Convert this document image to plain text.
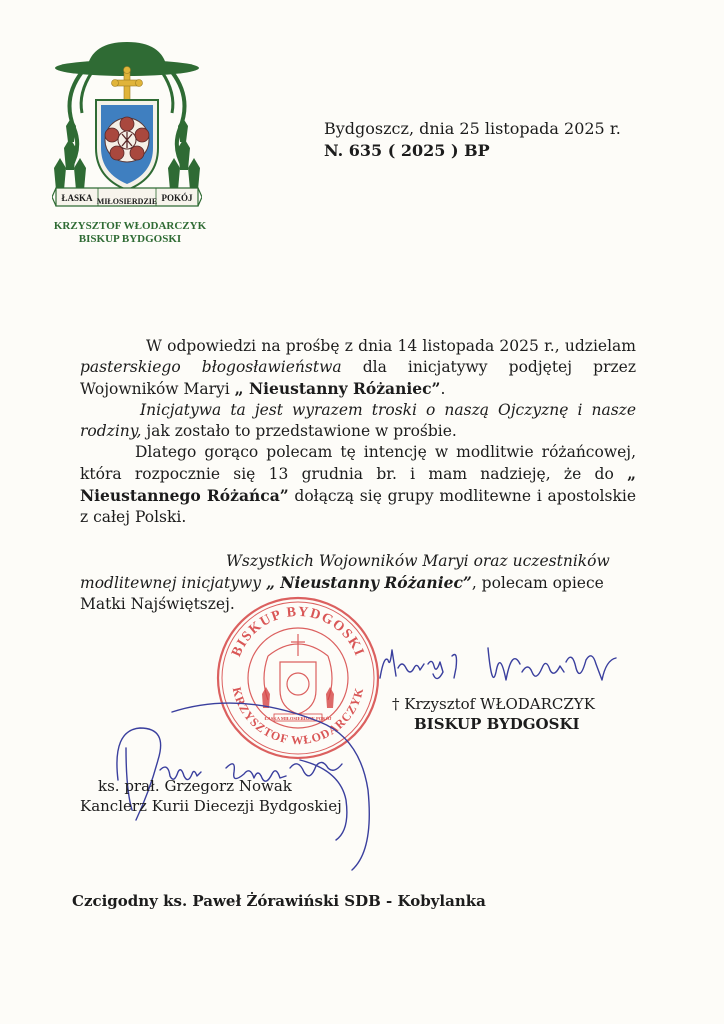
ŁASKA MIŁOSIERDZIE POKÓJ
KRZYSZTOF WŁODARCZYK
BISKUP BYDGOSKI
Bydgoszcz, dnia 25 listopada 2025 r.
N. 635 ( 2025 ) BP

W odpowiedzi na prośbę z dnia 14 listopada 2025 r., udzielam pasterskiego błogosławieństwa dla inicjatywy podjętej przez Wojowników Maryi „ Nieustanny Różaniec”.

Inicjatywa ta jest wyrazem troski o naszą Ojczyznę i nasze rodziny, jak zostało to przedstawione w prośbie.

Dlatego gorąco polecam tę intencję w modlitwie różańcowej, która rozpocznie się 13 grudnia br. i mam nadzieję, że do „ Nieustannego Różańca” dołączą się grupy modlitewne i apostolskie z całej Polski.

Wszystkich Wojowników Maryi oraz uczestników modlitewnej inicjatywy „ Nieustanny Różaniec”, polecam opiece Matki Najświętszej.

BISKUP BYDGOSKI
KRZYSZTOF WŁODARCZYK
ŁASKA MIŁOSIERDZIE POKÓJ
† Krzysztof WŁODARCZYK
BISKUP BYDGOSKI
ks. prał. Grzegorz Nowak
Kanclerz Kurii Diecezji Bydgoskiej
Czcigodny ks. Paweł Żórawiński SDB - Kobylanka
